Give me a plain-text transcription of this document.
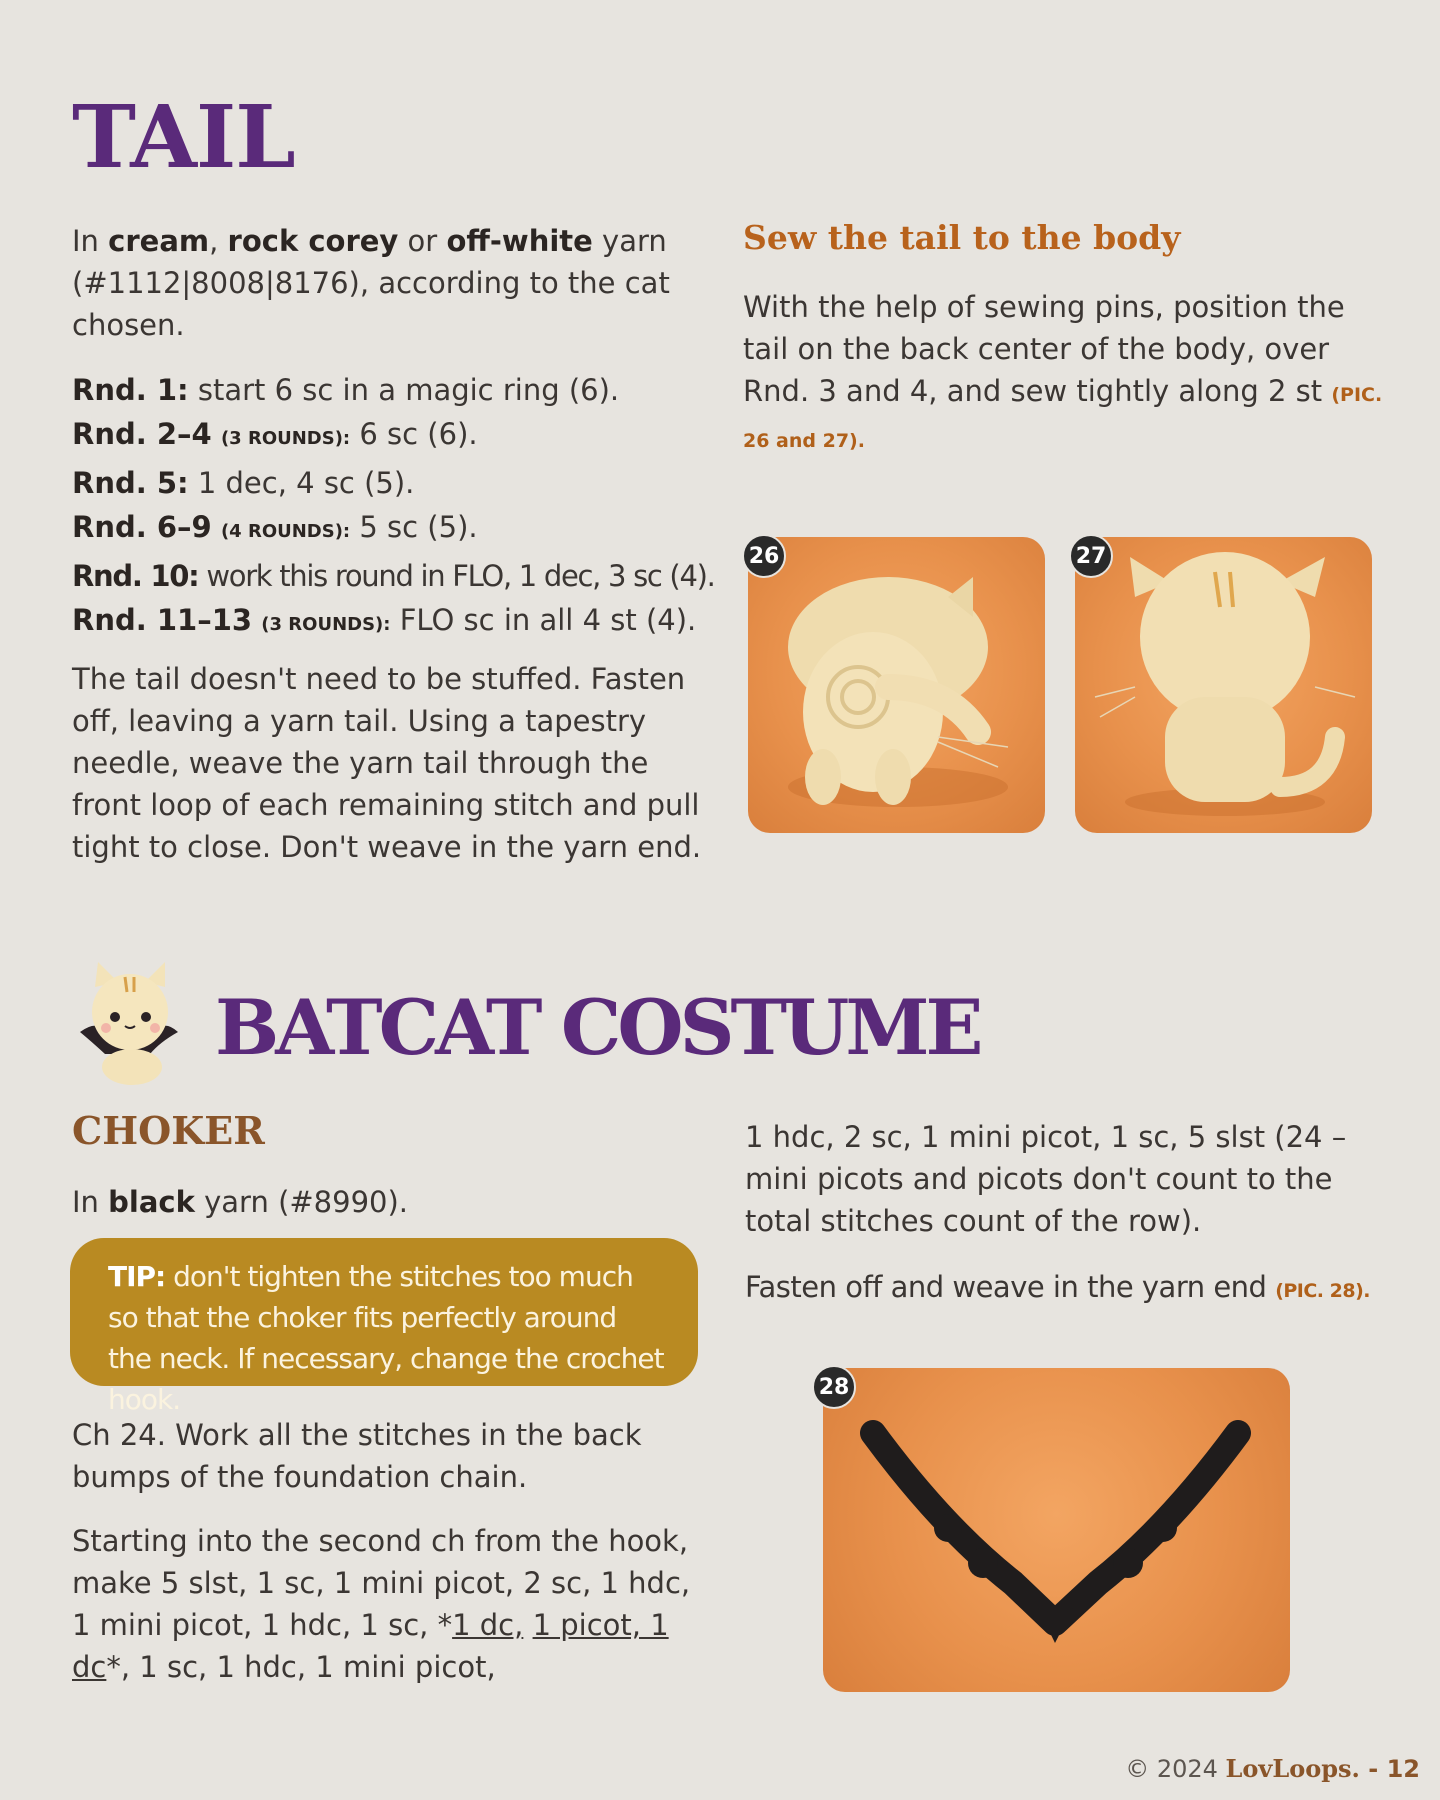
TAIL
In cream, rock corey or off-white yarn (#1112|8008|8176), according to the cat chosen.
Rnd. 1: start 6 sc in a magic ring (6).
Rnd. 2–4 (3 ROUNDS): 6 sc (6).
Rnd. 5: 1 dec, 4 sc (5).
Rnd. 6–9 (4 ROUNDS): 5 sc (5).
Rnd. 10: work this round in FLO, 1 dec, 3 sc (4).
Rnd. 11–13 (3 ROUNDS): FLO sc in all 4 st (4).
The tail doesn't need to be stuffed. Fasten off, leaving a yarn tail. Using a tapestry needle, weave the yarn tail through the front loop of each remaining stitch and pull tight to close. Don't weave in the yarn end.
Sew the tail to the body
With the help of sewing pins, position the tail on the back center of the body, over Rnd. 3 and 4, and sew tightly along 2 st (PIC. 26 and 27).
26	27
BATCAT COSTUME
CHOKER
In black yarn (#8990).
TIP: don't tighten the stitches too much so that the choker fits perfectly around the neck. If necessary, change the crochet hook.
Ch 24. Work all the stitches in the back bumps of the foundation chain.
Starting into the second ch from the hook, make 5 slst, 1 sc, 1 mini picot, 2 sc, 1 hdc, 1 mini picot, 1 hdc, 1 sc, *1 dc, 1 picot, 1 dc*, 1 sc, 1 hdc, 1 mini picot,
1 hdc, 2 sc, 1 mini picot, 1 sc, 5 slst (24 – mini picots and picots don't count to the total stitches count of the row).
Fasten off and weave in the yarn end (PIC. 28).
28
© 2024 LovLoops. - 12
